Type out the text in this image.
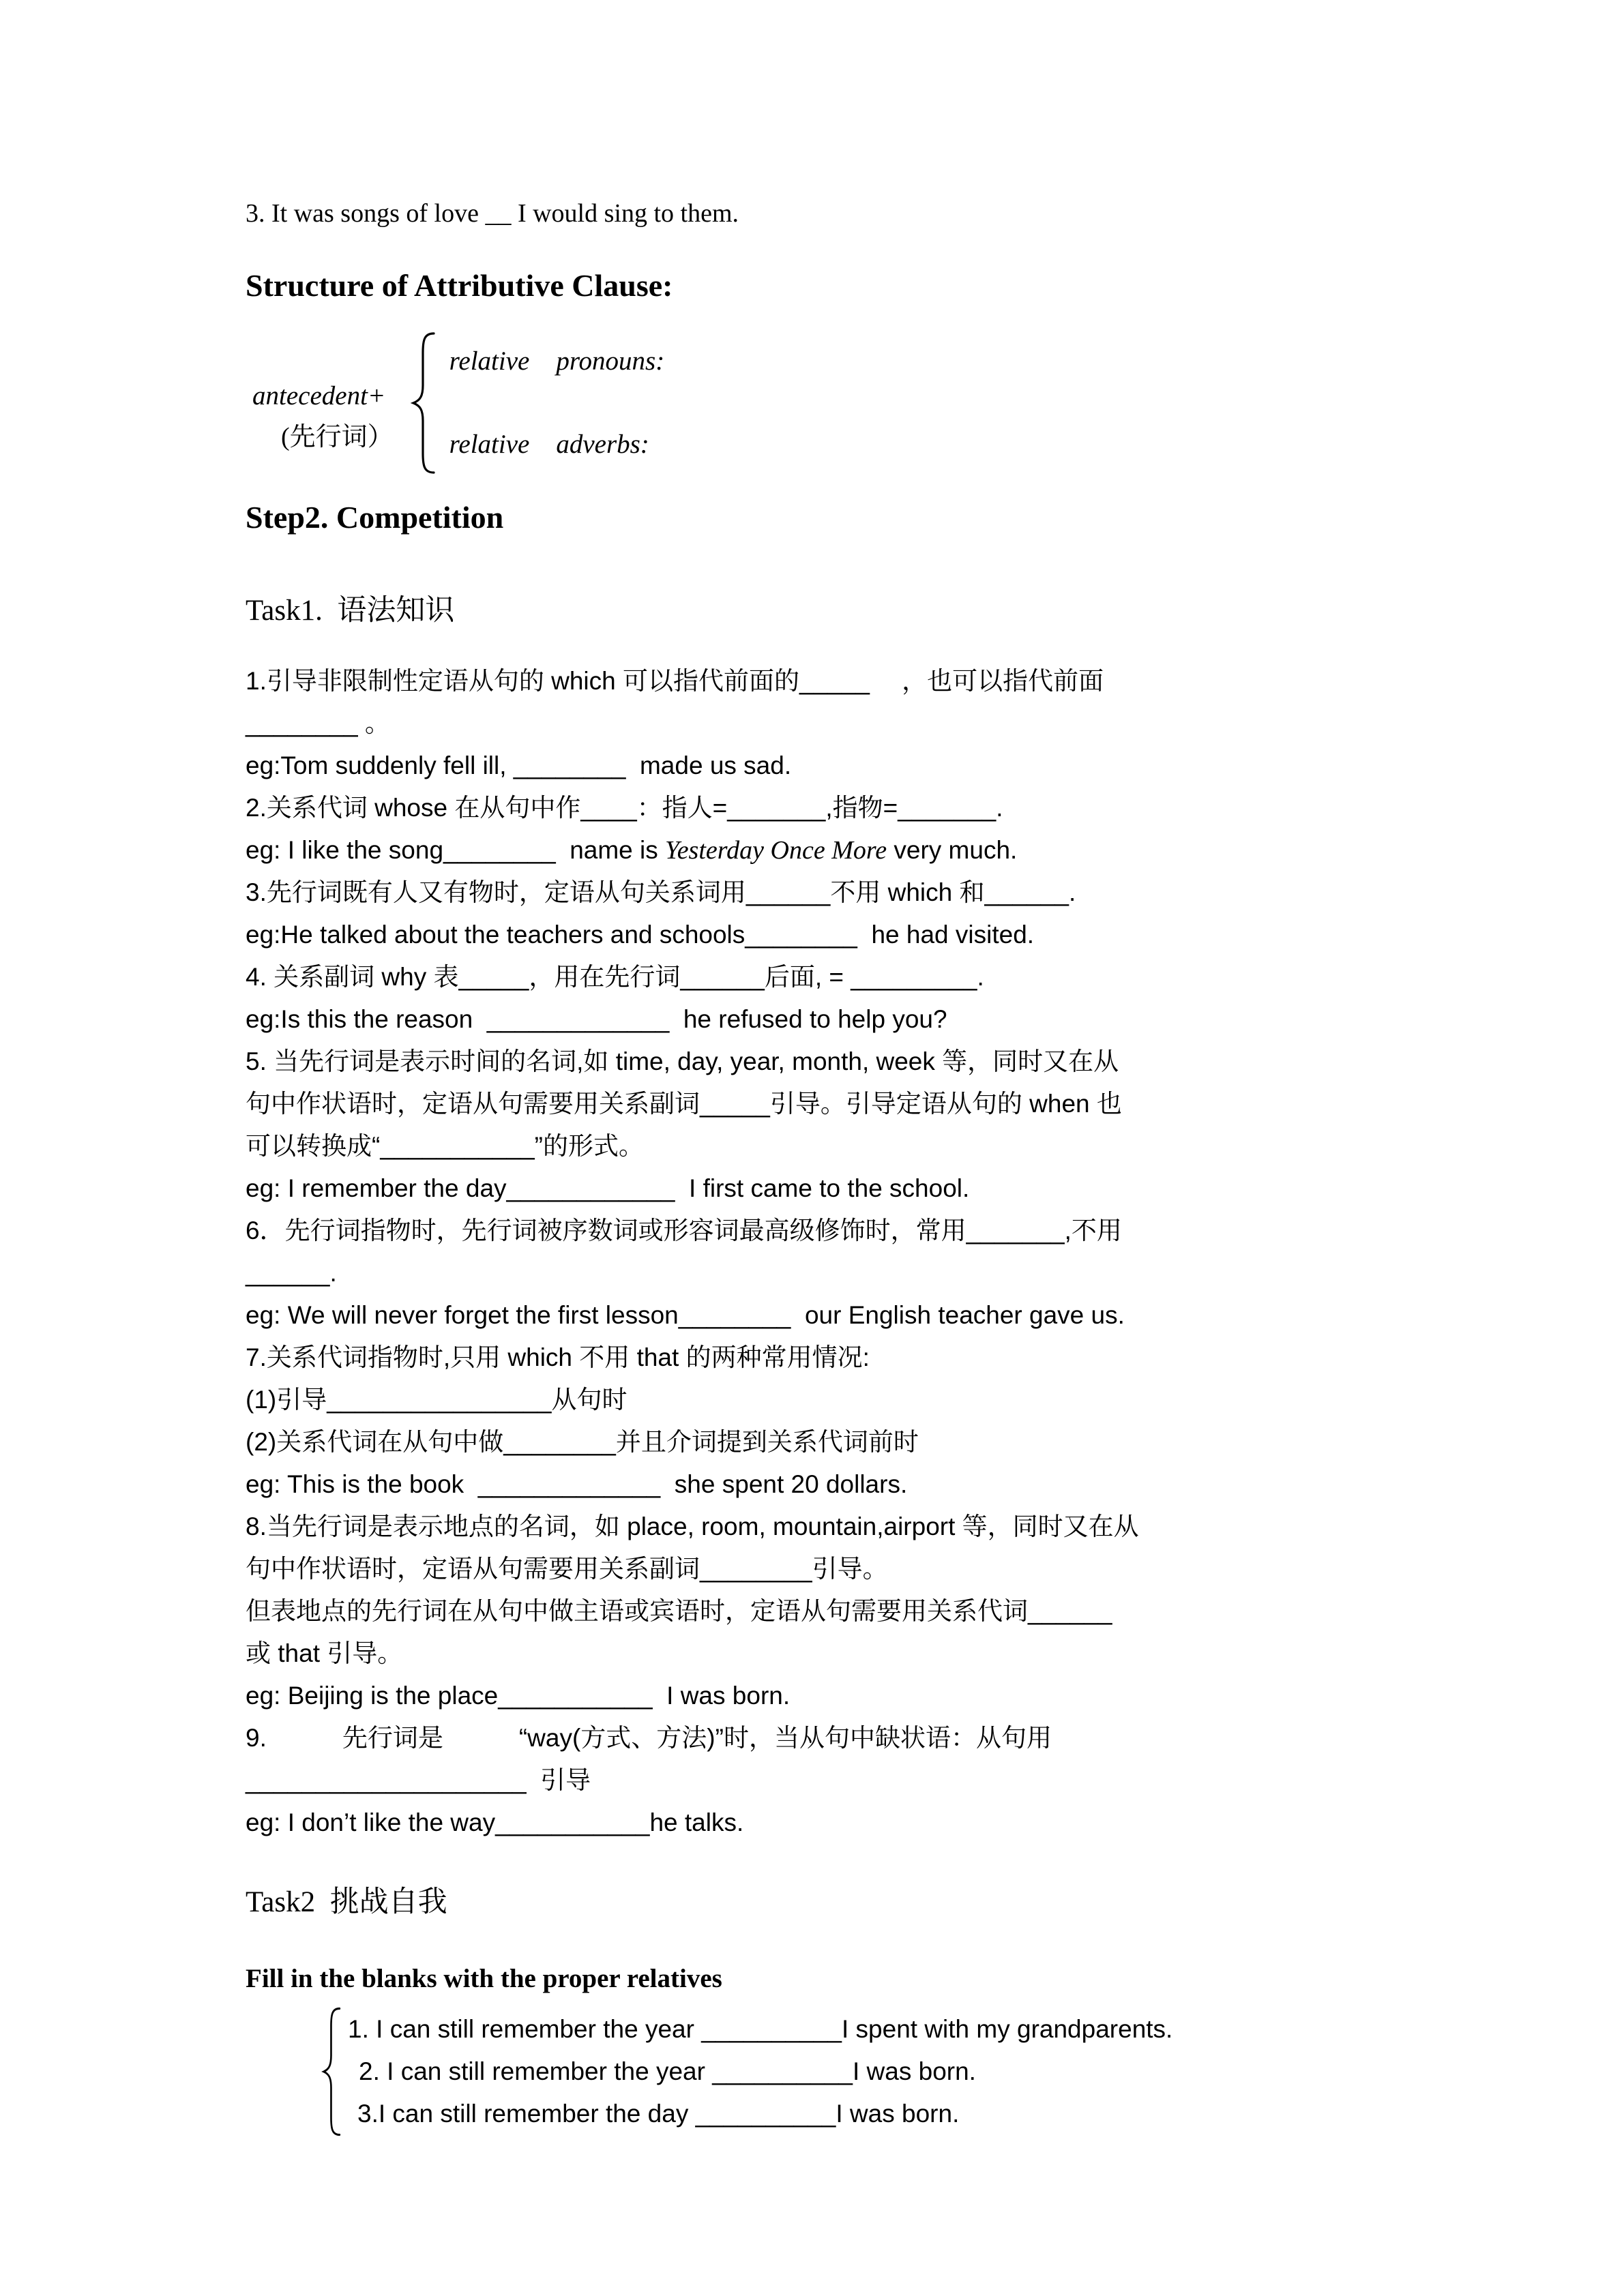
3. It was songs of love __ I would sing to them.

Structure of Attributive Clause:
antecedent+
(先行词）
relative    pronouns:
relative    adverbs:
Step2. Competition

Task1.  语法知识

1.引导非限制性定语从句的 which 可以指代前面的_____　 ，也可以指代前面

________ 。

eg:Tom suddenly fell ill, ________  made us sad.

2.关系代词 whose 在从句中作____：指人=_______,指物=_______.

eg: I like the song________  name is Yesterday Once More very much.

3.先行词既有人又有物时，定语从句关系词用______不用 which 和______.

eg:He talked about the teachers and schools________  he had visited.

4. 关系副词 why 表_____，用在先行词______后面, = _________.

eg:Is this the reason  _____________  he refused to help you?

5. 当先行词是表示时间的名词,如 time, day, year, month, week 等，同时又在从

句中作状语时，定语从句需要用关系副词_____引导。引导定语从句的 when 也

可以转换成“___________”的形式。

eg: I remember the day____________  I first came to the school.

6．先行词指物时，先行词被序数词或形容词最高级修饰时，常用_______,不用

______.

eg: We will never forget the first lesson________  our English teacher gave us.

7.关系代词指物时,只用 which 不用 that 的两种常用情况:

(1)引导________________从句时

(2)关系代词在从句中做________并且介词提到关系代词前时

eg: This is the book  _____________  she spent 20 dollars.

8.当先行词是表示地点的名词，如 place, room, mountain,airport 等，同时又在从

句中作状语时，定语从句需要用关系副词________引导。

但表地点的先行词在从句中做主语或宾语时，定语从句需要用关系代词______

或 that 引导。

eg: Beijing is the place___________  I was born.

9.　　　先行词是　　　“way(方式、方法)”时，当从句中缺状语：从句用

____________________  引导

eg: I don’t like the way___________he talks.

Task2  挑战自我

Fill in the blanks with the proper relatives

1. I can still remember the year __________I spent with my grandparents.

2. I can still remember the year __________I was born.

3.I can still remember the day __________I was born.
